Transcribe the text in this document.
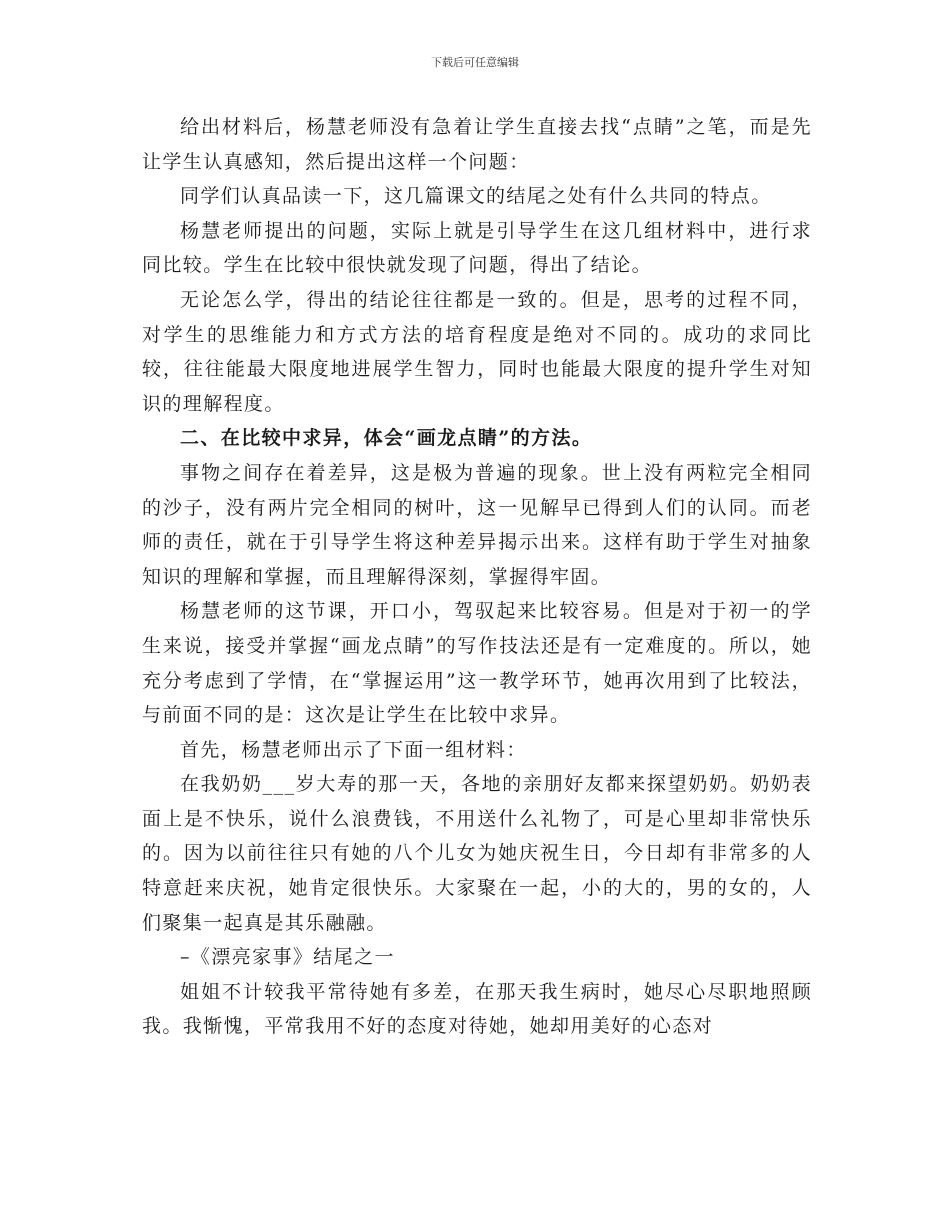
下载后可任意编辑

给出材料后，杨慧老师没有急着让学生直接去找“点睛”之笔，而是先让学生认真感知，然后提出这样一个问题：

同学们认真品读一下，这几篇课文的结尾之处有什么共同的特点。

杨慧老师提出的问题，实际上就是引导学生在这几组材料中，进行求同比较。学生在比较中很快就发现了问题，得出了结论。

无论怎么学，得出的结论往往都是一致的。但是，思考的过程不同，对学生的思维能力和方式方法的培育程度是绝对不同的。成功的求同比较，往往能最大限度地进展学生智力，同时也能最大限度的提升学生对知识的理解程度。

二、在比较中求异，体会“画龙点睛”的方法。

事物之间存在着差异，这是极为普遍的现象。世上没有两粒完全相同的沙子，没有两片完全相同的树叶，这一见解早已得到人们的认同。而老师的责任，就在于引导学生将这种差异揭示出来。这样有助于学生对抽象知识的理解和掌握，而且理解得深刻，掌握得牢固。

杨慧老师的这节课，开口小，驾驭起来比较容易。但是对于初一的学生来说，接受并掌握“画龙点睛”的写作技法还是有一定难度的。所以，她充分考虑到了学情，在“掌握运用”这一教学环节，她再次用到了比较法，与前面不同的是：这次是让学生在比较中求异。

首先，杨慧老师出示了下面一组材料：

在我奶奶___岁大寿的那一天，各地的亲朋好友都来探望奶奶。奶奶表面上是不快乐，说什么浪费钱，不用送什么礼物了，可是心里却非常快乐的。因为以前往往只有她的八个儿女为她庆祝生日，今日却有非常多的人特意赶来庆祝，她肯定很快乐。大家聚在一起，小的大的，男的女的，人们聚集一起真是其乐融融。

–《漂亮家事》结尾之一

姐姐不计较我平常待她有多差，在那天我生病时，她尽心尽职地照顾我。我惭愧，平常我用不好的态度对待她，她却用美好的心态对
